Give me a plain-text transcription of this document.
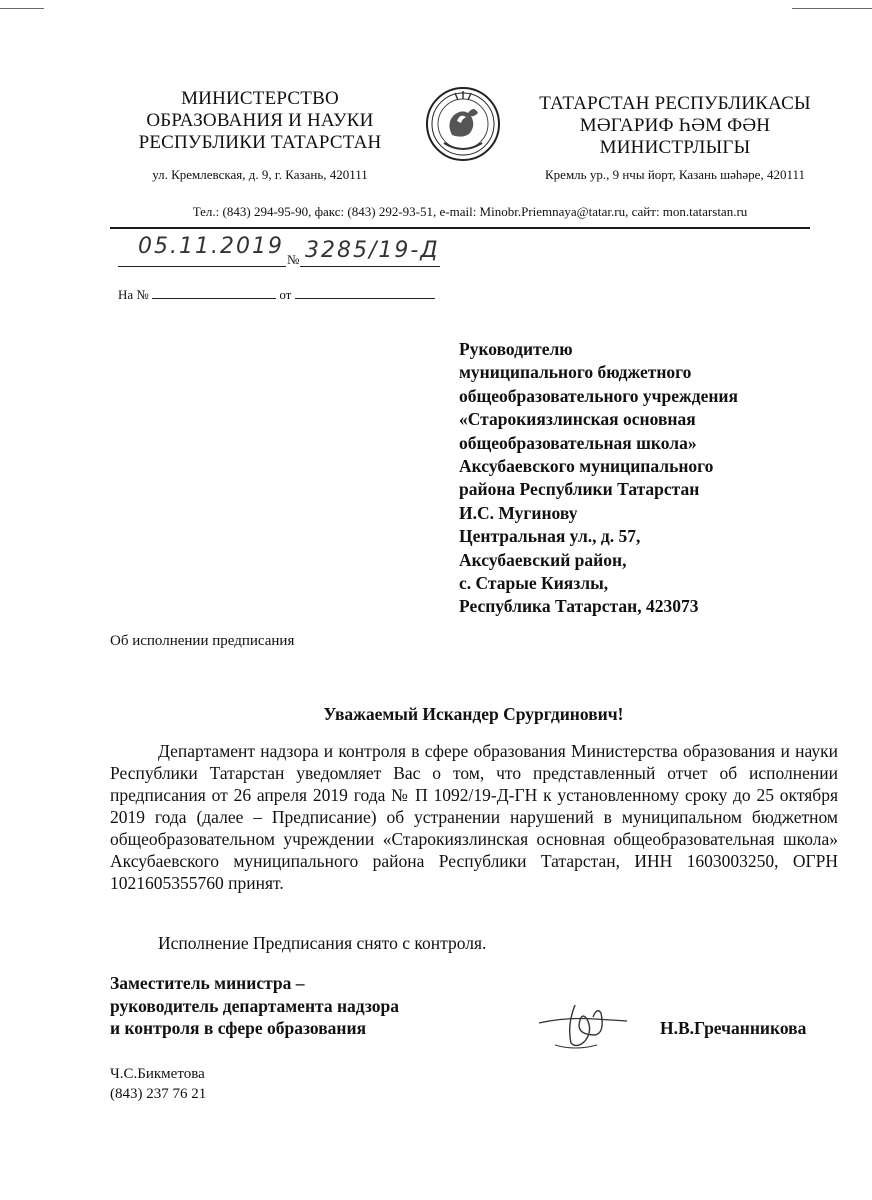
МИНИСТЕРСТВО
ОБРАЗОВАНИЯ И НАУКИ
РЕСПУБЛИКИ ТАТАРСТАН
ТАТАРСТАН РЕСПУБЛИКАСЫ
МӘГАРИФ ҺӘМ ФӘН
МИНИСТРЛЫГЫ
ул. Кремлевская, д. 9, г. Казань, 420111	Кремль ур., 9 нчы йорт, Казань шәһәре, 420111
Тел.: (843) 294-95-90, факс: (843) 292-93-51, e-mail: Minobr.Priemnaya@tatar.ru, сайт: mon.tatarstan.ru
05.11.2019
№ 3285/19-Д
На №	от
Руководителю
муниципального бюджетного
общеобразовательного учреждения
«Старокиязлинская основная
общеобразовательная школа»
Аксубаевского муниципального
района Республики Татарстан
И.С. Мугинову
Центральная ул., д. 57,
Аксубаевский район,
с. Старые Киязлы,
Республика Татарстан, 423073
Об исполнении предписания
Уважаемый Искандер Срургдинович!
Департамент надзора и контроля в сфере образования Министерства образования и науки Республики Татарстан уведомляет Вас о том, что представленный отчет об исполнении предписания от 26 апреля 2019 года № П 1092/19-Д-ГН к установленному сроку до 25 октября 2019 года (далее – Предписание) об устранении нарушений в муниципальном бюджетном общеобразовательном учреждении «Старокиязлинская основная общеобразовательная школа» Аксубаевского муниципального района Республики Татарстан, ИНН 1603003250, ОГРН 1021605355760 принят.
Исполнение Предписания снято с контроля.
Заместитель министра –
руководитель департамента надзора
и контроля в сфере образования	Н.В.Гречанникова
Ч.С.Бикметова
(843) 237 76 21
